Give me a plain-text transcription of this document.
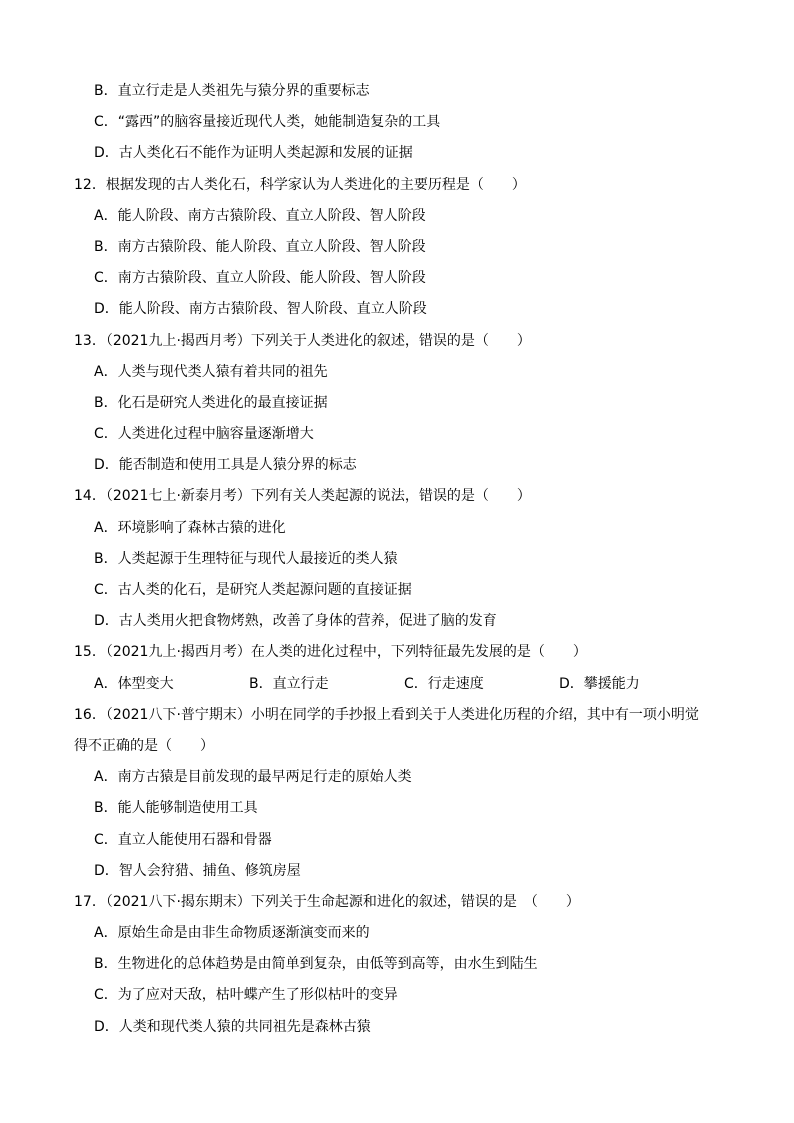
B．直立行走是人类祖先与猿分界的重要标志
C．“露西”的脑容量接近现代人类，她能制造复杂的工具
D．古人类化石不能作为证明人类起源和发展的证据
12．根据发现的古人类化石，科学家认为人类进化的主要历程是（　　）
A．能人阶段、南方古猿阶段、直立人阶段、智人阶段
B．南方古猿阶段、能人阶段、直立人阶段、智人阶段
C．南方古猿阶段、直立人阶段、能人阶段、智人阶段
D．能人阶段、南方古猿阶段、智人阶段、直立人阶段
13．（2021九上·揭西月考）下列关于人类进化的叙述，错误的是（　　）
A．人类与现代类人猿有着共同的祖先
B．化石是研究人类进化的最直接证据
C．人类进化过程中脑容量逐渐增大
D．能否制造和使用工具是人猿分界的标志
14．（2021七上·新泰月考）下列有关人类起源的说法，错误的是（　　）
A．环境影响了森林古猿的进化
B．人类起源于生理特征与现代人最接近的类人猿
C．古人类的化石，是研究人类起源问题的直接证据
D．古人类用火把食物烤熟，改善了身体的营养，促进了脑的发育
15．（2021九上·揭西月考）在人类的进化过程中，下列特征最先发展的是（　　）
A．体型变大	B．直立行走	C．行走速度	D．攀援能力
16．（2021八下·普宁期末）小明在同学的手抄报上看到关于人类进化历程的介绍，其中有一项小明觉
得不正确的是（　　）
A．南方古猿是目前发现的最早两足行走的原始人类
B．能人能够制造使用工具
C．直立人能使用石器和骨器
D．智人会狩猎、捕鱼、修筑房屋
17．（2021八下·揭东期末）下列关于生命起源和进化的叙述，错误的是　（　　）
A．原始生命是由非生命物质逐渐演变而来的
B．生物进化的总体趋势是由简单到复杂，由低等到高等，由水生到陆生
C．为了应对天敌，枯叶蝶产生了形似枯叶的变异
D．人类和现代类人猿的共同祖先是森林古猿
